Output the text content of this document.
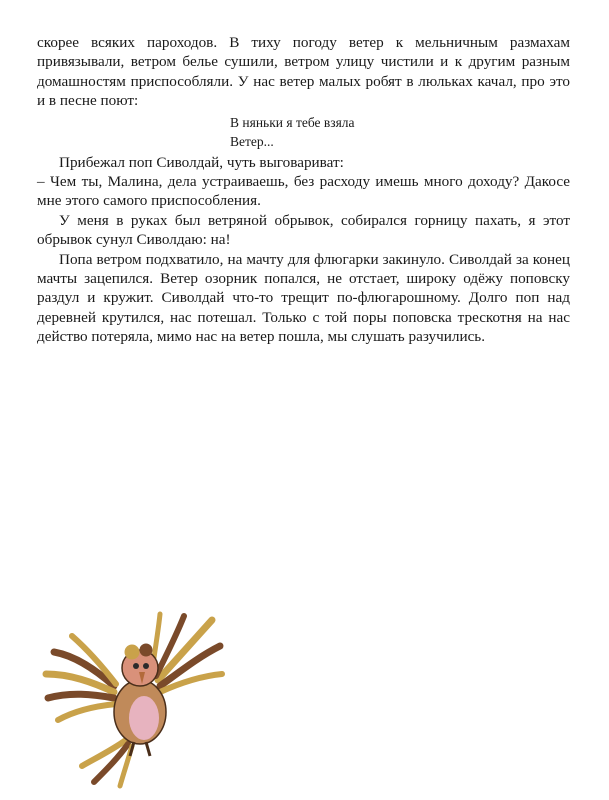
скорее всяких пароходов. В тиху погоду ветер к мельничным размахам привязывали, ветром белье сушили, ветром улицу чистили и к другим разным домашностям приспособляли. У нас ветер малых робят в люльках качал, про это и в песне поют:

В няньки я тебе взяла
Ветер...

Прибежал поп Сиволдай, чуть выговариват:

– Чем ты, Малина, дела устраиваешь, без расходу имешь много доходу? Дакосе мне этого самого приспособления.

У меня в руках был ветряной обрывок, собирался горницу пахать, я этот обрывок сунул Сиволдаю: на!

Попа ветром подхватило, на мачту для флюгарки закинуло. Сиволдай за конец мачты зацепился. Ветер озорник попался, не отстает, широку одёжу поповску раздул и кружит. Сиволдай что-то трещит по-флюгарошному. Долго поп над деревней крутился, нас потешал. Только с той поры поповска трескотня на нас действо потеряла, мимо нас на ветер пошла, мы слушать разучились.
